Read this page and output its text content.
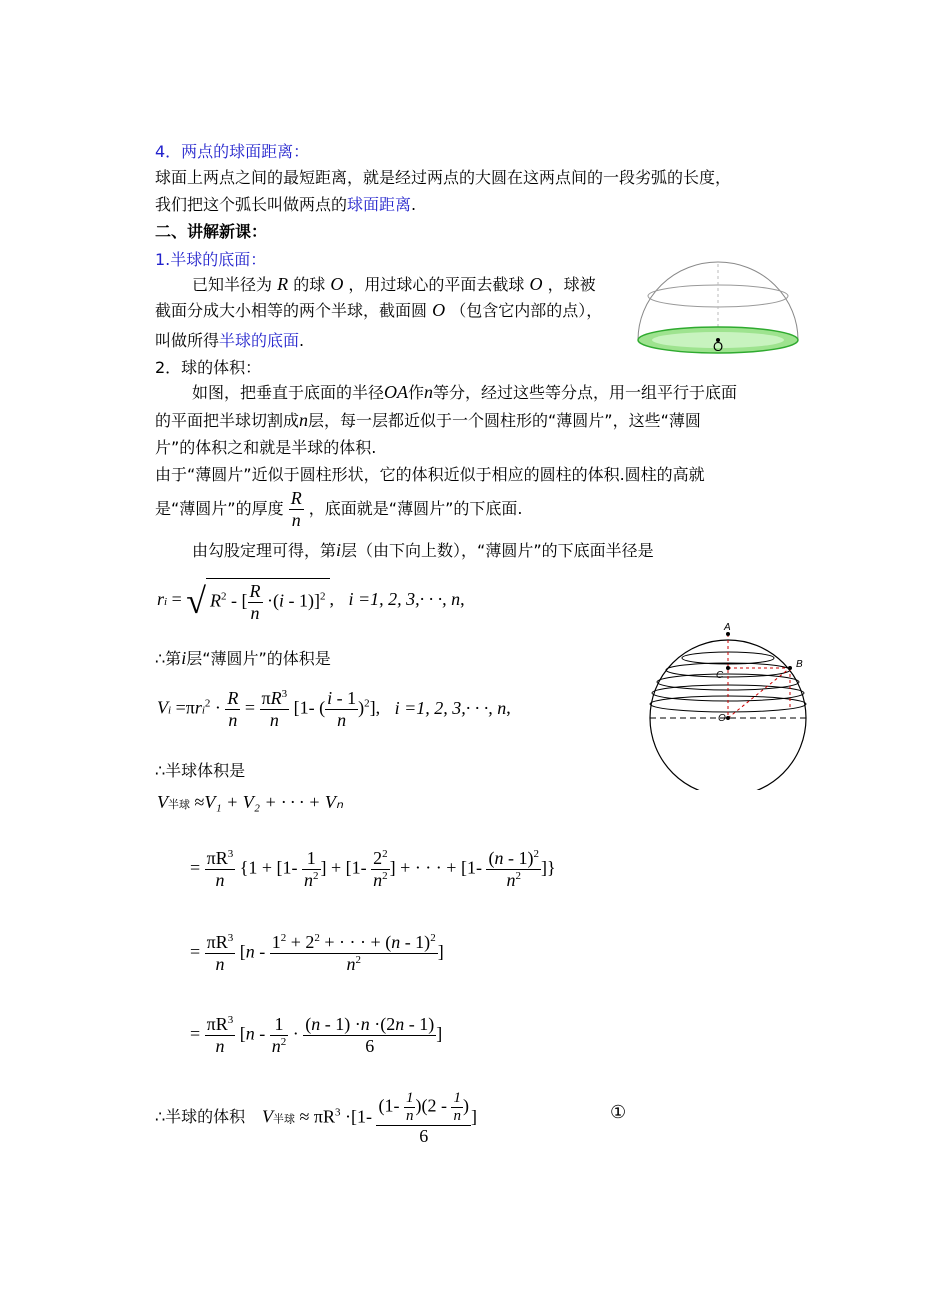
4．两点的球面距离：
球面上两点之间的最短距离，就是经过两点的大圆在这两点间的一段劣弧的长度，
我们把这个弧长叫做两点的球面距离.
二、讲解新课：
1.半球的底面：
已知半径为 R 的球 O ，用过球心的平面去截球 O ，球被
截面分成大小相等的两个半球，截面圆 O （包含它内部的点），
叫做所得半球的底面.	O
2．球的体积：
如图，把垂直于底面的半径OA作n等分，经过这些等分点，用一组平行于底面
的平面把半球切割成n层，每一层都近似于一个圆柱形的“薄圆片”，这些“薄圆
片”的体积之和就是半球的体积.
由于“薄圆片”近似于圆柱形状，它的体积近似于相应的圆柱的体积.圆柱的高就
是“薄圆片”的厚度 $\frac{R}{n}$ ，底面就是“薄圆片”的下底面.
由勾股定理可得，第i层（由下向上数），“薄圆片”的下底面半径是
ri = √ $R^2$ - [ $\frac{R}{n} \cdot(i - 1)]^2$ , i =1, 2, 3,· · ·, n,
∴第i层“薄圆片”的体积是
$Vi =\pi ri^2 \cdot \frac{R}{n} = \frac{\pi R^3}{n} [1-$ ( $\frac{i - 1}{n} )^2$], i =1, 2, 3,· · ·, n,
∴半球体积是
V半球 ≈V₁ + V₂ + · · · + Vₙ
= $\frac{\pi R^3}{n} \{1 + [1- \frac{1}{n^2}$ ] + [$1- \frac{2^2}{n^2}$ ] + · · · + [$1- \frac{(n - 1)^2}{n^2}$ ]}
= $\frac{\pi R^3}{n} [n - \frac{1^2 + 2^2 + \cdot \cdot \cdot + (n - 1)^2}{n^2}$ ]
= $\frac{\pi R^3}{n} [n - \frac{1}{n^2} \cdot \frac{(n - 1) \cdot n \cdot(2n - 1)}{6}$ ]
∴半球的体积 V半球 ≈ $\pi R^3 \cdot[1- \frac{(1- \frac{1}{n} )(2 - \frac{1}{n} )}{6}$ ]	①
A
C
B
O
